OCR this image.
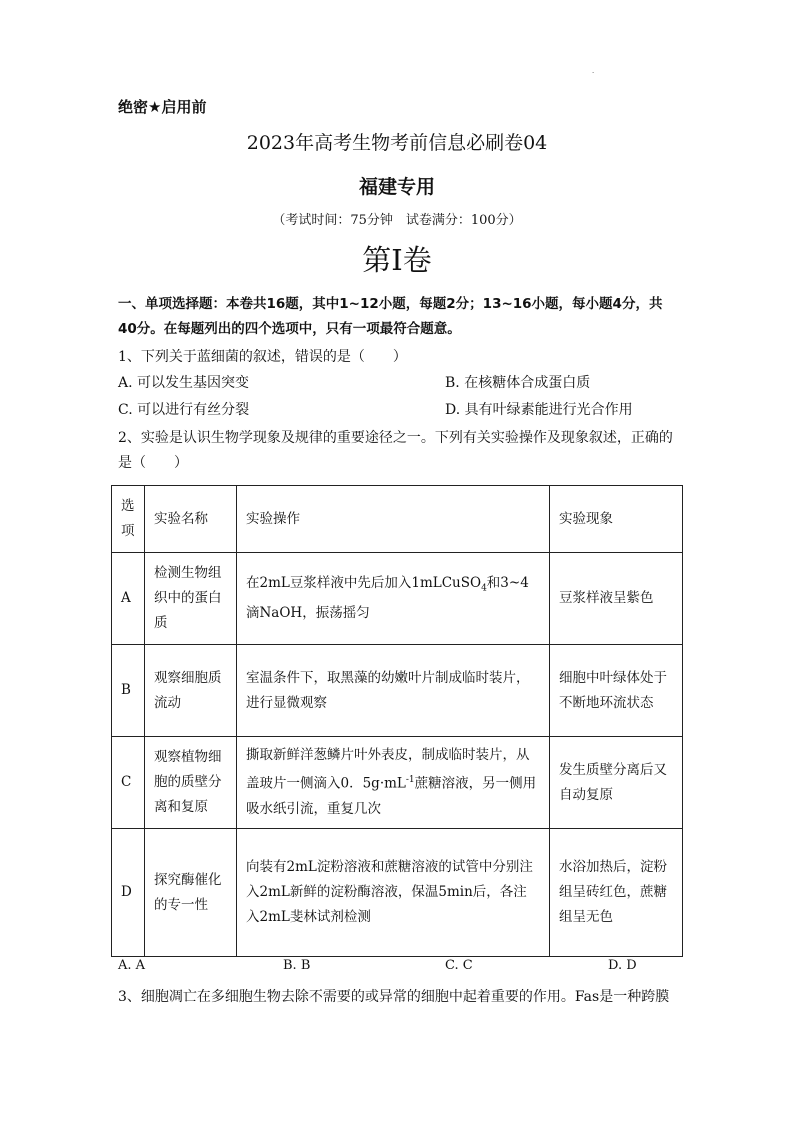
.
绝密★启用前
2023年高考生物考前信息必刷卷04
福建专用
（考试时间：75分钟　试卷满分：100分）
第Ⅰ卷
一、单项选择题：本卷共16题，其中1~12小题，每题2分；13~16小题，每小题4分，共
40分。在每题列出的四个选项中，只有一项最符合题意。
1、下列关于蓝细菌的叙述，错误的是（　　）
A. 可以发生基因突变	B. 在核糖体合成蛋白质
C. 可以进行有丝分裂	D. 具有叶绿素能进行光合作用
2、实验是认识生物学现象及规律的重要途径之一。下列有关实验操作及现象叙述，正确的
是（　　）
选项	实验名称	实验操作	实验现象
A	检测生物组织中的蛋白质	在2mL豆浆样液中先后加入1mLCuSO$_4$和3~4滴NaOH，振荡摇匀	豆浆样液呈紫色
B	观察细胞质流动	室温条件下，取黑藻的幼嫩叶片制成临时装片，进行显微观察	细胞中叶绿体处于不断地环流状态
C	观察植物细胞的质壁分离和复原	撕取新鲜洋葱鳞片叶外表皮，制成临时装片，从盖玻片一侧滴入0．$5g\cdot mL^{-1}$蔗糖溶液，另一侧用吸水纸引流，重复几次	发生质壁分离后又自动复原
D	探究酶催化的专一性	向装有2mL淀粉溶液和蔗糖溶液的试管中分别注入2mL新鲜的淀粉酶溶液，保温5min后，各注入2mL斐林试剂检测	水浴加热后，淀粉组呈砖红色，蔗糖组呈无色
A. A	B. B	C. C	D. D
3、细胞凋亡在多细胞生物去除不需要的或异常的细胞中起着重要的作用。Fas是一种跨膜
